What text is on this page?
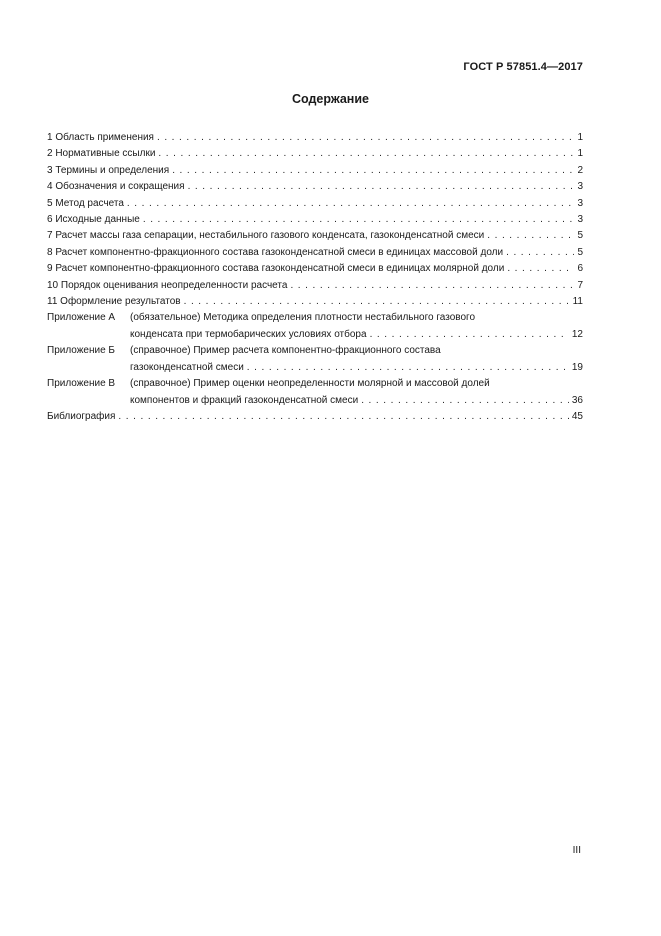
ГОСТ Р 57851.4—2017
Содержание
1 Область применения . . .	1
2 Нормативные ссылки . . .	1
3 Термины и определения . . .	2
4 Обозначения и сокращения . . .	3
5 Метод расчета . . .	3
6 Исходные данные . . .	3
7 Расчет массы газа сепарации, нестабильного газового конденсата, газоконденсатной смеси . . .	5
8 Расчет компонентно-фракционного состава газоконденсатной смеси в единицах массовой доли . . .	5
9 Расчет компонентно-фракционного состава газоконденсатной смеси в единицах молярной доли . . .	6
10 Порядок оценивания неопределенности расчета . . .	7
11 Оформление результатов . . .	11
Приложение А	(обязательное) Методика определения плотности нестабильного газового
конденсата при термобарических условиях отбора . . .	12
Приложение Б	(справочное) Пример расчета компонентно-фракционного состава
газоконденсатной смеси . . .	19
Приложение В	(справочное) Пример оценки неопределенности молярной и массовой долей
компонентов и фракций газоконденсатной смеси . . .	36
Библиография . . .	45
III
